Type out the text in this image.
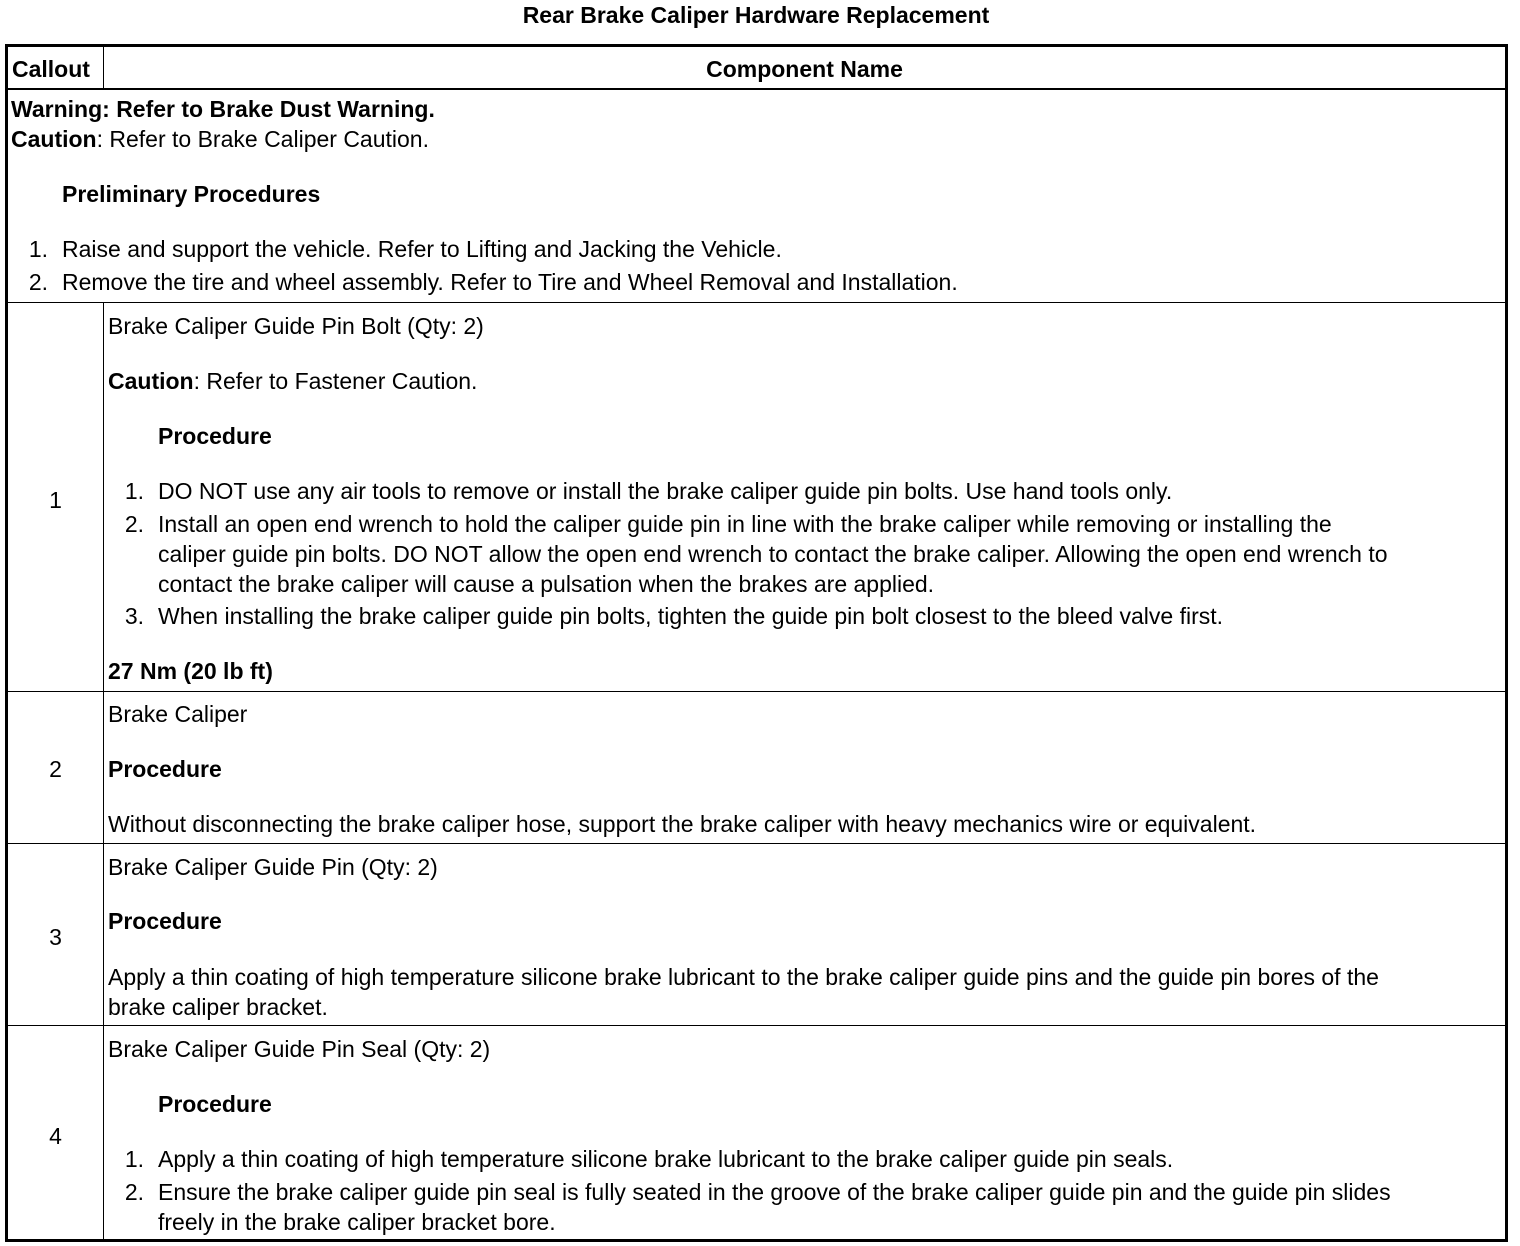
Rear Brake Caliper Hardware Replacement
Callout	Component Name
Warning: Refer to Brake Dust Warning.
Caution: Refer to Brake Caliper Caution.
Preliminary Procedures
1. Raise and support the vehicle. Refer to Lifting and Jacking the Vehicle.
2. Remove the tire and wheel assembly. Refer to Tire and Wheel Removal and Installation.
1
Brake Caliper Guide Pin Bolt (Qty: 2)
Caution: Refer to Fastener Caution.
Procedure
1. DO NOT use any air tools to remove or install the brake caliper guide pin bolts. Use hand tools only.
2. Install an open end wrench to hold the caliper guide pin in line with the brake caliper while removing or installing the
caliper guide pin bolts. DO NOT allow the open end wrench to contact the brake caliper. Allowing the open end wrench to
contact the brake caliper will cause a pulsation when the brakes are applied.
3. When installing the brake caliper guide pin bolts, tighten the guide pin bolt closest to the bleed valve first.
27 Nm (20 lb ft)
2
Brake Caliper
Procedure
Without disconnecting the brake caliper hose, support the brake caliper with heavy mechanics wire or equivalent.
3
Brake Caliper Guide Pin (Qty: 2)
Procedure
Apply a thin coating of high temperature silicone brake lubricant to the brake caliper guide pins and the guide pin bores of the
brake caliper bracket.
4
Brake Caliper Guide Pin Seal (Qty: 2)
Procedure
1. Apply a thin coating of high temperature silicone brake lubricant to the brake caliper guide pin seals.
2. Ensure the brake caliper guide pin seal is fully seated in the groove of the brake caliper guide pin and the guide pin slides
freely in the brake caliper bracket bore.
